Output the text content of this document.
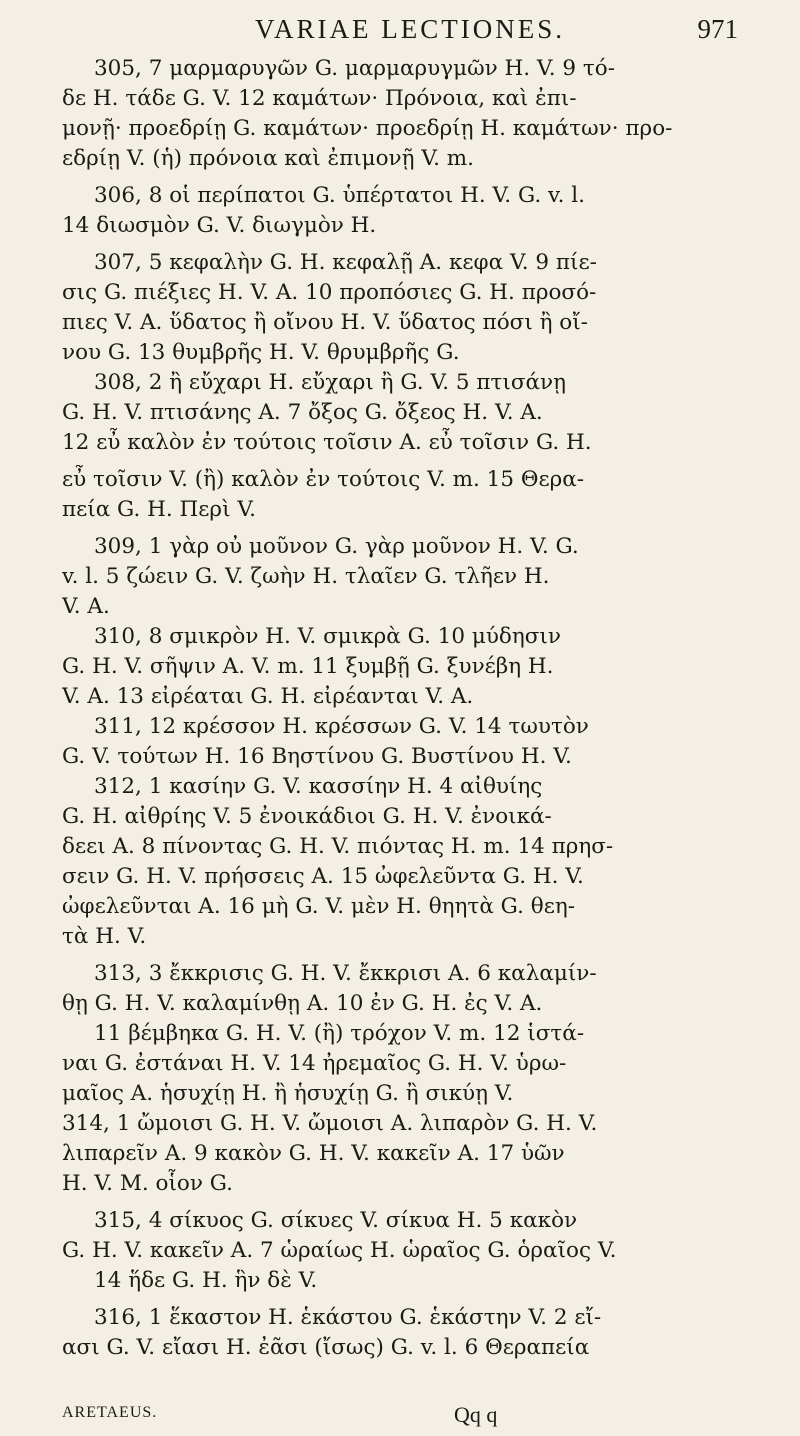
VARIAE LECTIONES.	971
305, 7 μαρμαρυγῶν G. μαρμαρυγμῶν H. V. 9 τό-
δε H. τάδε G. V. 12 καμάτων· Πρόνοια, καὶ ἐπι-
μονῇ· προεδρίῃ G. καμάτων· προεδρίῃ H. καμάτων· προ-
εδρίῃ V. (ἡ) πρόνοια καὶ ἐπιμονῇ V. m.
306, 8 οἱ περίπατοι G. ὑπέρτατοι H. V. G. v. l.
14 διωσμὸν G. V. διωγμὸν H.
307, 5 κεφαλὴν G. H. κεφαλῇ A. κεφα V. 9 πίε-
σις G. πιέξιες H. V. A. 10 προπόσιες G. H. προσό-
πιες V. A. ὕδατος ἢ οἴνου H. V. ὕδατος πόσι ἢ οἴ-
νου G. 13 θυμβρῆς H. V. θρυμβρῆς G.
308, 2 ἢ εὔχαρι H. εὔχαρι ἢ G. V. 5 πτισάνῃ
G. H. V. πτισάνης A. 7 ὄξος G. ὄξεος H. V. A.
12 εὖ καλὸν ἐν τούτοις τοῖσιν A. εὖ τοῖσιν G. H.
εὖ τοῖσιν V. (ἢ) καλὸν ἐν τούτοις V. m. 15 Θερα-
πεία G. H. Περὶ V.
309, 1 γὰρ οὐ μοῦνον G. γὰρ μοῦνον H. V. G.
v. l. 5 ζώειν G. V. ζωὴν H. τλαῖεν G. τλῆεν H.
V. A.
310, 8 σμικρὸν H. V. σμικρὰ G. 10 μύδησιν
G. H. V. σῆψιν A. V. m. 11 ξυμβῇ G. ξυνέβη H.
V. A. 13 εἰρέαται G. H. εἰρέανται V. A.
311, 12 κρέσσον H. κρέσσων G. V. 14 τωυτὸν
G. V. τούτων H. 16 Βηστίνου G. Βυστίνου H. V.
312, 1 κασίην G. V. κασσίην H. 4 αἰθυίης
G. H. αἰθρίης V. 5 ἐνοικάδιοι G. H. V. ἐνοικά-
δεει A. 8 πίνοντας G. H. V. πιόντας H. m. 14 πρησ-
σειν G. H. V. πρήσσεις A. 15 ὠφελεῦντα G. H. V.
ὠφελεῦνται A. 16 μὴ G. V. μὲν H. θηητὰ G. θεη-
τὰ H. V.
313, 3 ἔκκρισις G. H. V. ἔκκρισι A. 6 καλαμίν-
θῃ G. H. V. καλαμίνθῃ A. 10 ἐν G. H. ἐς V. A.
11 βέμβηκα G. H. V. (ἢ) τρόχον V. m. 12 ἱστά-
ναι G. ἐστάναι H. V. 14 ἠρεμαῖος G. H. V. ὑρω-
μαῖος A. ἡσυχίῃ H. ἢ ἡσυχίῃ G. ἢ σικύῃ V.
314, 1 ὤμοισι G. H. V. ὤμοισι A. λιπαρὸν G. H. V.
λιπαρεῖν A. 9 κακὸν G. H. V. κακεῖν A. 17 ὑῶν
H. V. M. οἷον G.
315, 4 σίκυος G. σίκυες V. σίκυα H. 5 κακὸν
G. H. V. κακεῖν A. 7 ὡραίως H. ὡραῖος G. ὁραῖος V.
14 ἥδε G. H. ἣν δὲ V.
316, 1 ἕκαστον H. ἑκάστου G. ἑκάστην V. 2 εἴ-
ασι G. V. εἴασι H. ἐᾶσι (ἴσως) G. v. l. 6 Θεραπεία
ARETAEUS.	Qq q
